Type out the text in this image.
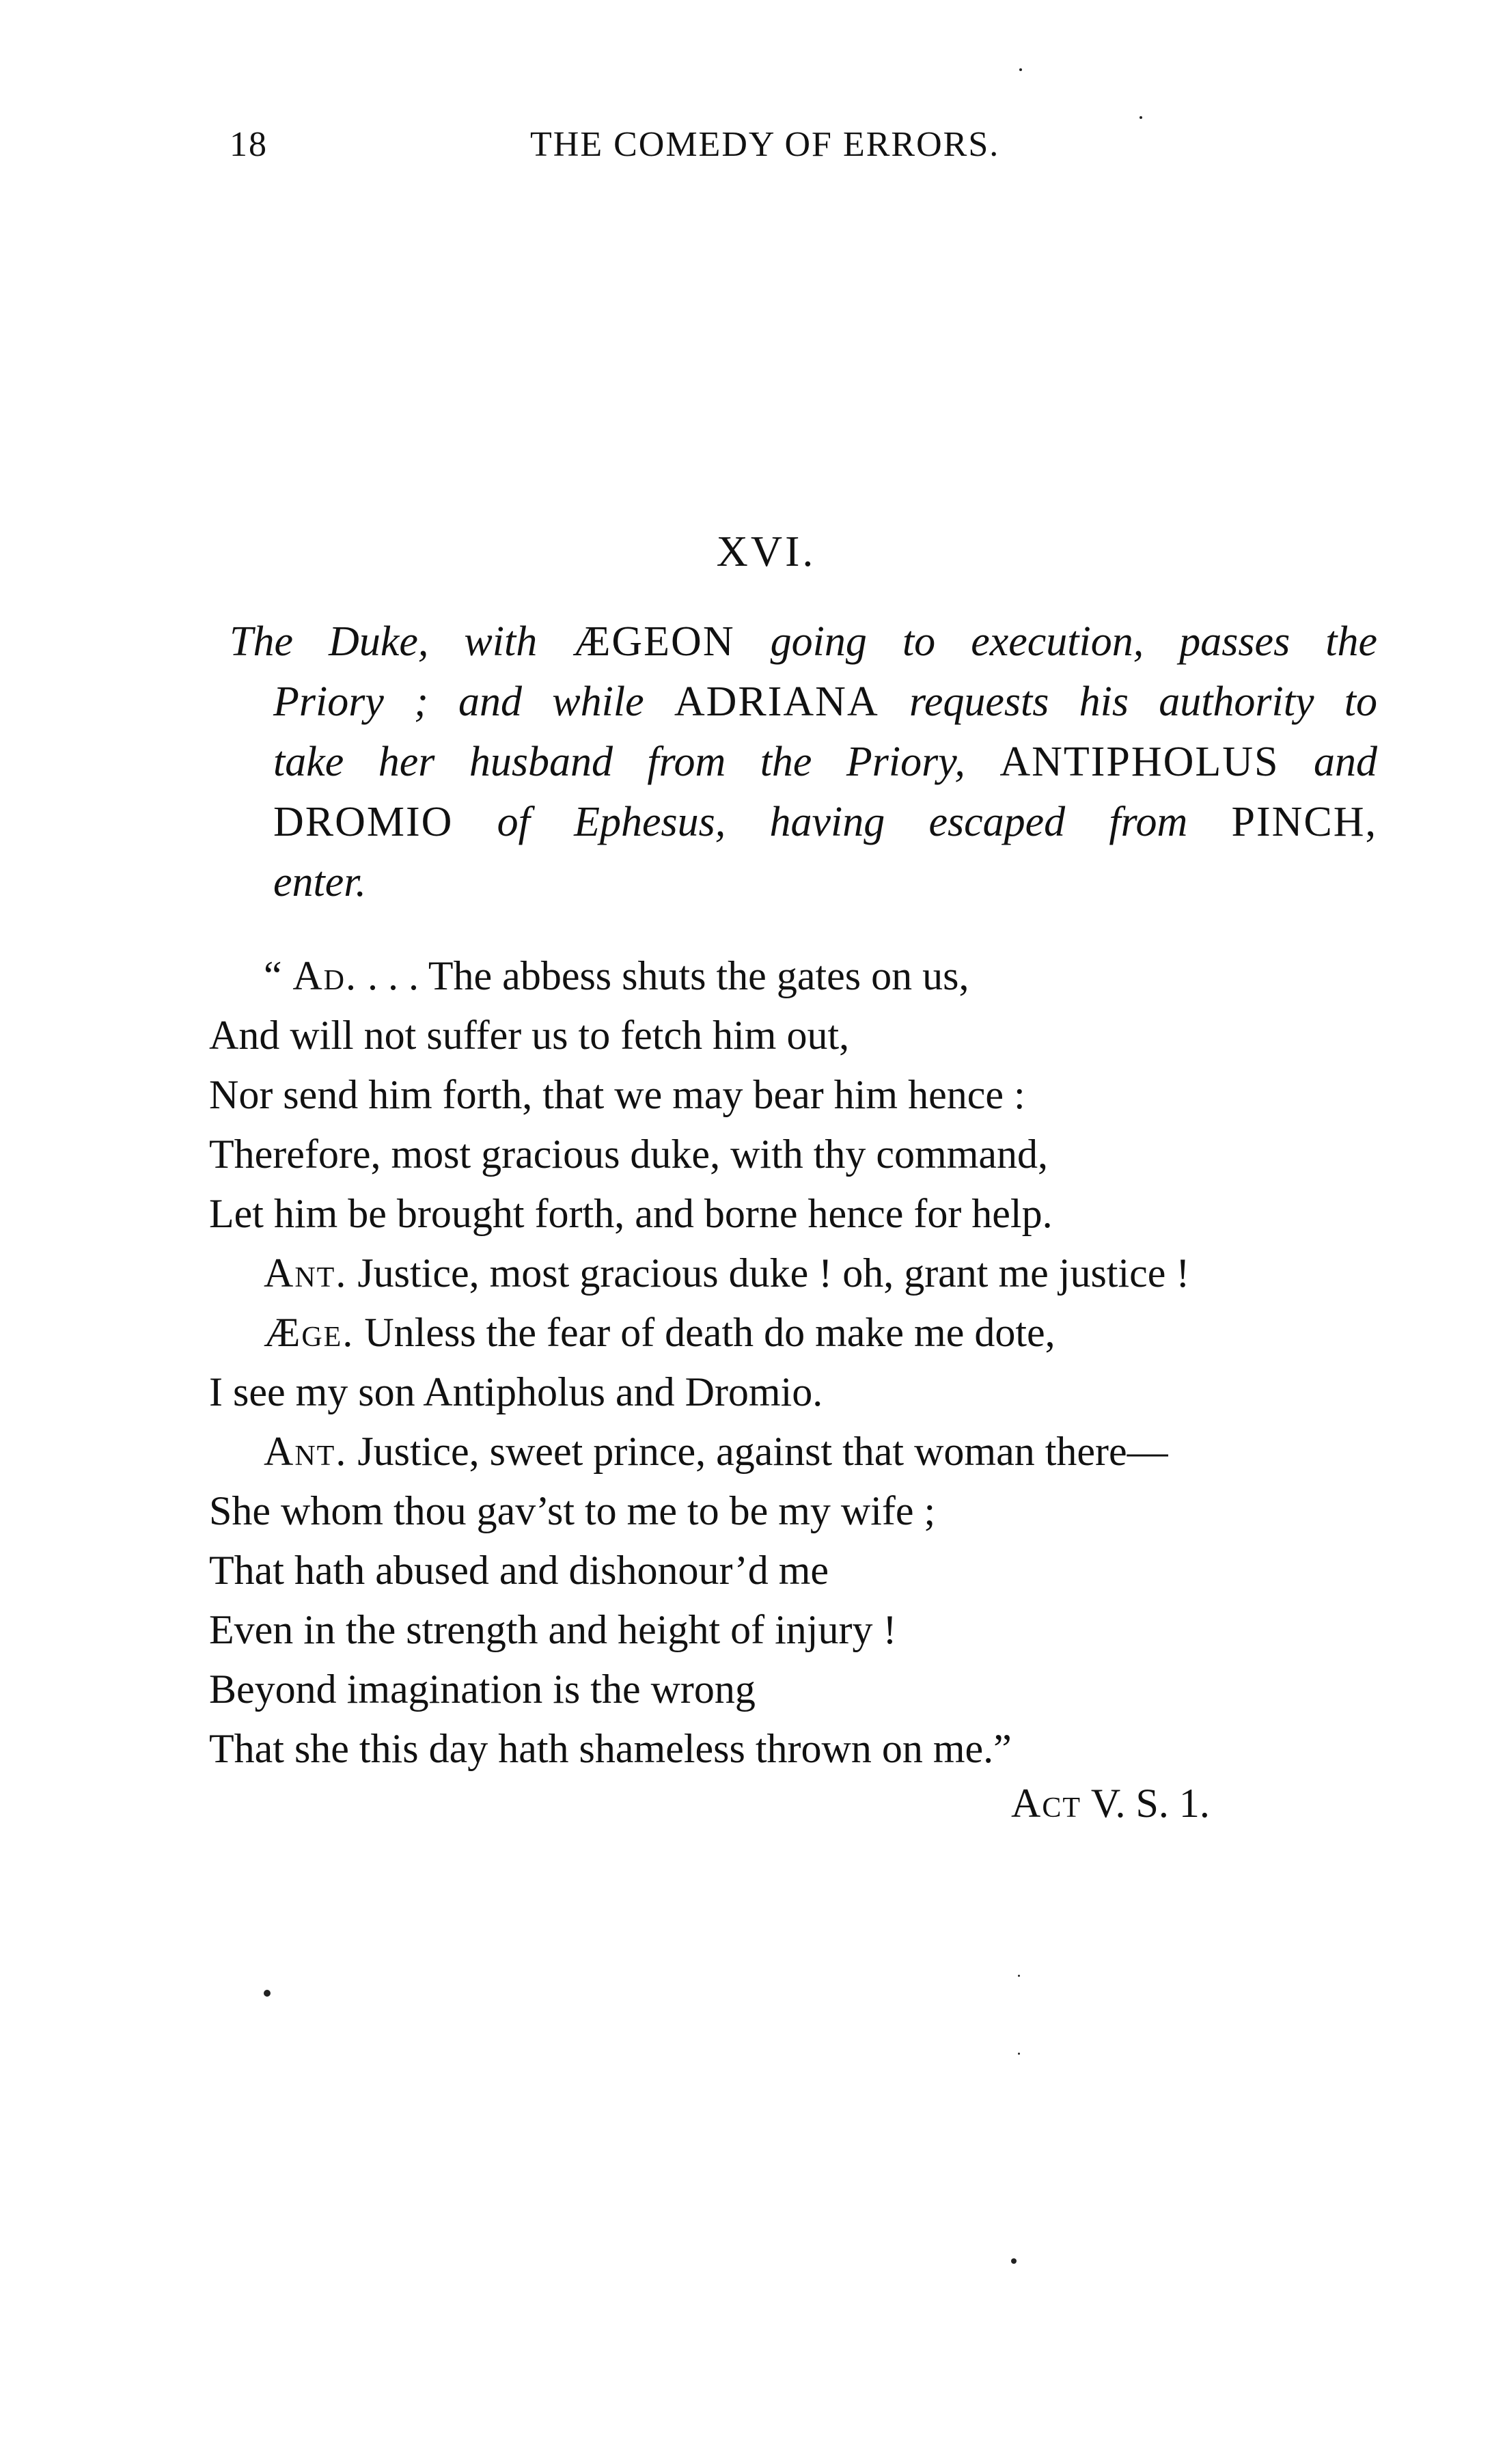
18	THE COMEDY OF ERRORS.
XVI.
The Duke, with ÆGEON going to execution, passes the
Priory ; and while ADRIANA requests his authority to
take her husband from the Priory, ANTIPHOLUS and
DROMIO of Ephesus, having escaped from PINCH,
enter.
“ Ad. . . . The abbess shuts the gates on us,
And will not suffer us to fetch him out,
Nor send him forth, that we may bear him hence :
Therefore, most gracious duke, with thy command,
Let him be brought forth, and borne hence for help.
Ant. Justice, most gracious duke ! oh, grant me justice !
Æge. Unless the fear of death do make me dote,
I see my son Antipholus and Dromio.
Ant. Justice, sweet prince, against that woman there—
She whom thou gav’st to me to be my wife ;
That hath abused and dishonour’d me
Even in the strength and height of injury !
Beyond imagination is the wrong
That she this day hath shameless thrown on me.”
Act V. S. 1.
